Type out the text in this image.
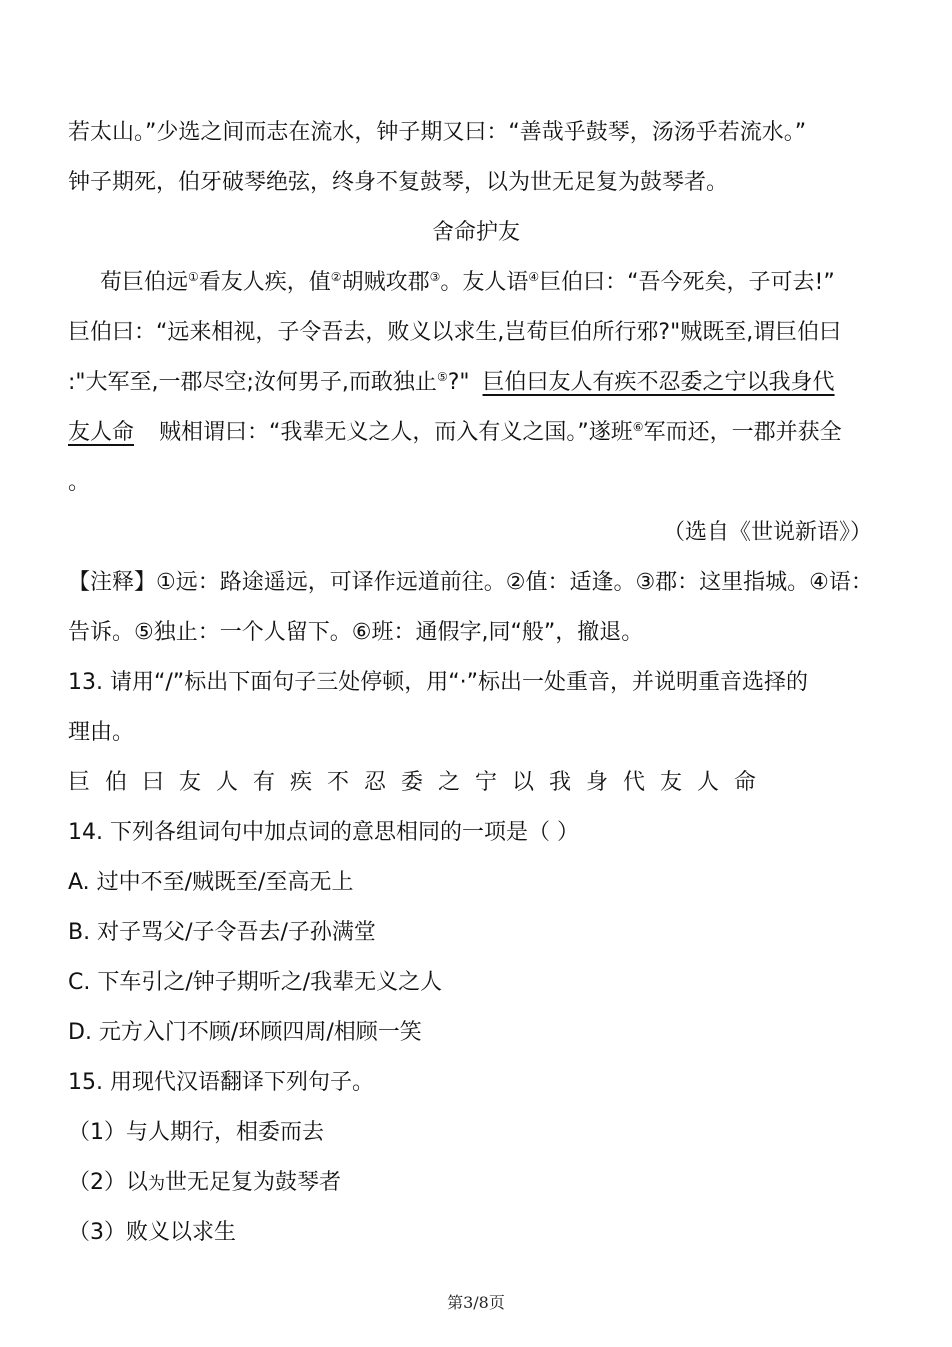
若太山。”少选之间而志在流水，钟子期又曰：“善哉乎鼓琴，汤汤乎若流水。”
钟子期死，伯牙破琴绝弦，终身不复鼓琴，以为世无足复为鼓琴者。
舍命护友
荀巨伯远①看友人疾，值②胡贼攻郡③。友人语④巨伯曰：“吾今死矣，子可去!”
巨伯曰：“远来相视，子令吾去，败义以求生,岂荀巨伯所行邪?"贼既至,谓巨伯曰
:"大军至,一郡尽空;汝何男子,而敢独止⑤?" 巨伯曰友人有疾不忍委之宁以我身代
友人命 贼相谓曰：“我辈无义之人，而入有义之国。”遂班⑥军而还，一郡并获全
。
（选自《世说新语》）
【注释】①远：路途遥远，可译作远道前往。②值：适逢。③郡：这里指城。④语：
告诉。⑤独止：一个人留下。⑥班：通假字,同“般”，撤退。
13. 请用“/”标出下面句子三处停顿，用“·”标出一处重音，并说明重音选择的
理由。
巨伯曰友人有疾不忍委之宁以我身代友人命
14. 下列各组词句中加点词的意思相同的一项是（ ）
A. 过中不至/贼既至/至高无上
B. 对子骂父/子令吾去/子孙满堂
C. 下车引之/钟子期听之/我辈无义之人
D. 元方入门不顾/环顾四周/相顾一笑
15. 用现代汉语翻译下列句子。
（1）与人期行，相委而去
（2）以为世无足复为鼓琴者
（3）败义以求生
第3/8页
